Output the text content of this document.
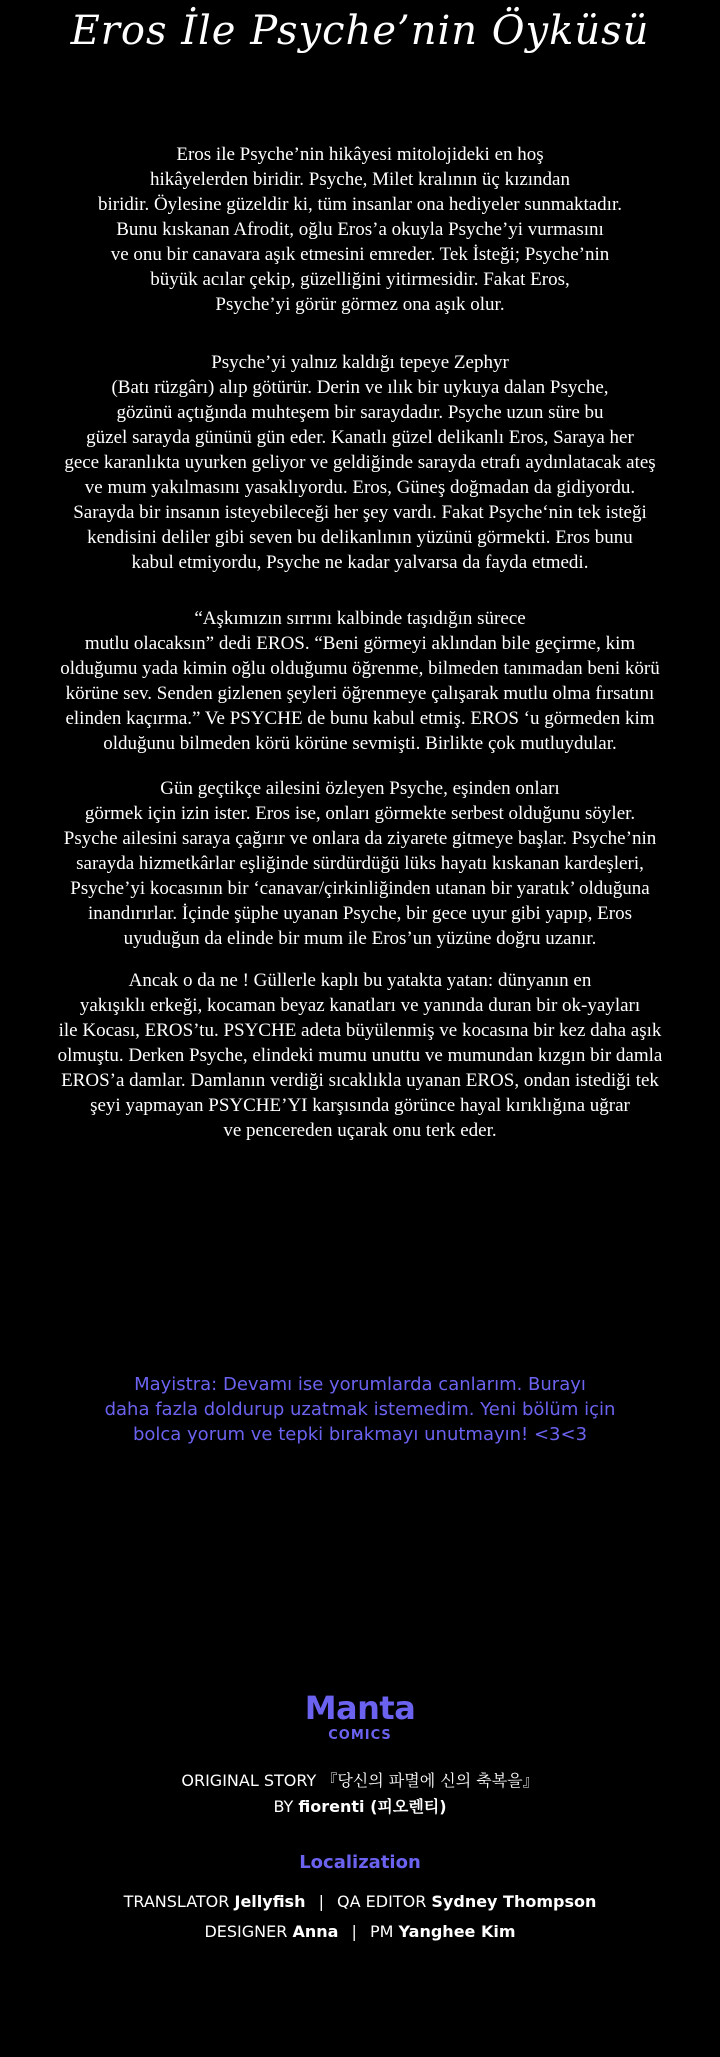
Eros İle Psyche’nin Öyküsü
Eros ile Psyche’nin hikâyesi mitolojideki en hoş
hikâyelerden biridir. Psyche, Milet kralının üç kızından
biridir. Öylesine güzeldir ki, tüm insanlar ona hediyeler sunmaktadır.
Bunu kıskanan Afrodit, oğlu Eros’a okuyla Psyche’yi vurmasını
ve onu bir canavara aşık etmesini emreder. Tek İsteği; Psyche’nin
büyük acılar çekip, güzelliğini yitirmesidir. Fakat Eros,
Psyche’yi görür görmez ona aşık olur.
Psyche’yi yalnız kaldığı tepeye Zephyr
(Batı rüzgârı) alıp götürür. Derin ve ılık bir uykuya dalan Psyche,
gözünü açtığında muhteşem bir saraydadır. Psyche uzun süre bu
güzel sarayda gününü gün eder. Kanatlı güzel delikanlı Eros, Saraya her
gece karanlıkta uyurken geliyor ve geldiğinde sarayda etrafı aydınlatacak ateş
ve mum yakılmasını yasaklıyordu. Eros, Güneş doğmadan da gidiyordu.
Sarayda bir insanın isteyebileceği her şey vardı. Fakat Psyche‘nin tek isteği
kendisini deliler gibi seven bu delikanlının yüzünü görmekti. Eros bunu
kabul etmiyordu, Psyche ne kadar yalvarsa da fayda etmedi.
“Aşkımızın sırrını kalbinde taşıdığın sürece
mutlu olacaksın” dedi EROS. “Beni görmeyi aklından bile geçirme, kim
olduğumu yada kimin oğlu olduğumu öğrenme, bilmeden tanımadan beni körü
körüne sev. Senden gizlenen şeyleri öğrenmeye çalışarak mutlu olma fırsatını
elinden kaçırma.” Ve PSYCHE de bunu kabul etmiş. EROS ‘u görmeden kim
olduğunu bilmeden körü körüne sevmişti. Birlikte çok mutluydular.
Gün geçtikçe ailesini özleyen Psyche, eşinden onları
görmek için izin ister. Eros ise, onları görmekte serbest olduğunu söyler.
Psyche ailesini saraya çağırır ve onlara da ziyarete gitmeye başlar. Psyche’nin
sarayda hizmetkârlar eşliğinde sürdürdüğü lüks hayatı kıskanan kardeşleri,
Psyche’yi kocasının bir ‘canavar/çirkinliğinden utanan bir yaratık’ olduğuna
inandırırlar. İçinde şüphe uyanan Psyche, bir gece uyur gibi yapıp, Eros
uyuduğun da elinde bir mum ile Eros’un yüzüne doğru uzanır.
Ancak o da ne ! Güllerle kaplı bu yatakta yatan: dünyanın en
yakışıklı erkeği, kocaman beyaz kanatları ve yanında duran bir ok-yayları
ile Kocası, EROS’tu. PSYCHE adeta büyülenmiş ve kocasına bir kez daha aşık
olmuştu. Derken Psyche, elindeki mumu unuttu ve mumundan kızgın bir damla
EROS’a damlar. Damlanın verdiği sıcaklıkla uyanan EROS, ondan istediği tek
şeyi yapmayan PSYCHE’YI karşısında görünce hayal kırıklığına uğrar
ve pencereden uçarak onu terk eder.
Mayistra: Devamı ise yorumlarda canlarım. Burayı
daha fazla doldurup uzatmak istemedim. Yeni bölüm için
bolca yorum ve tepki bırakmayı unutmayın! <3<3
Manta
COMICS
ORIGINAL STORY 『당신의 파멸에 신의 축복을』
BY fiorenti (피오렌티)
Localization
TRANSLATOR Jellyfish | QA EDITOR Sydney Thompson
DESIGNER Anna | PM Yanghee Kim
